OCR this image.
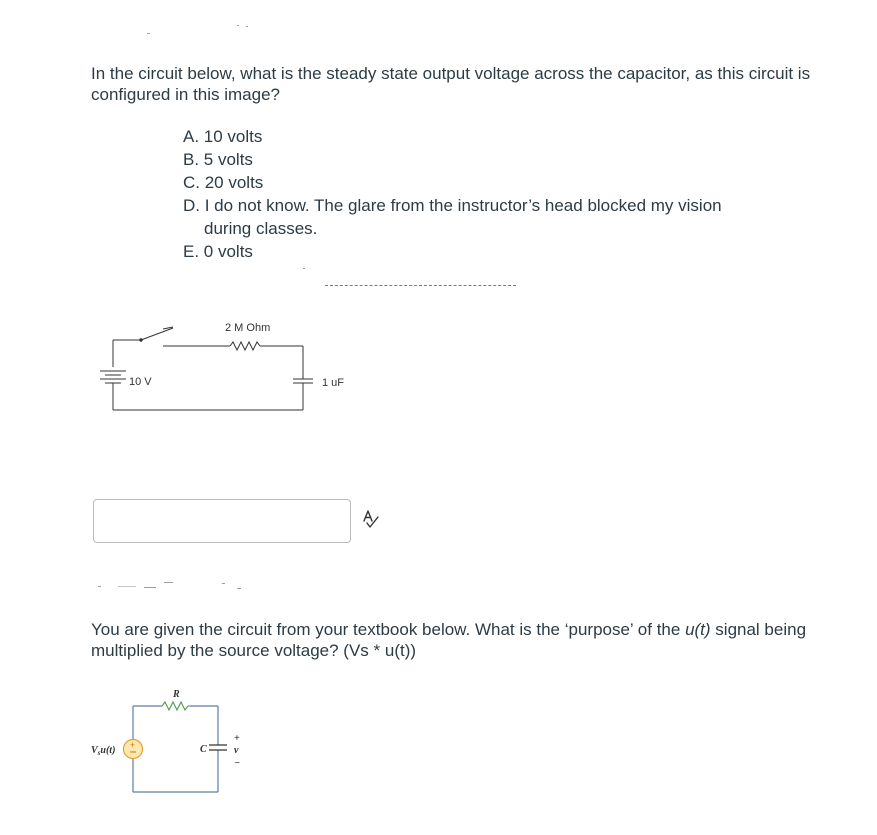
In the circuit below, what is the steady state output voltage across the capacitor, as this circuit is configured in this image?
A. 10 volts
B. 5 volts
C. 20 volts
D. I do not know. The glare from the instructor’s head blocked my vision
during classes.
E. 0 volts
2 M Ohm
10 V	1 uF
You are given the circuit from your textbook below. What is the ‘purpose’ of the u(t) signal being multiplied by the source voltage? (Vs * u(t))
+
R
C
$V_su(t)$
+
v
−
